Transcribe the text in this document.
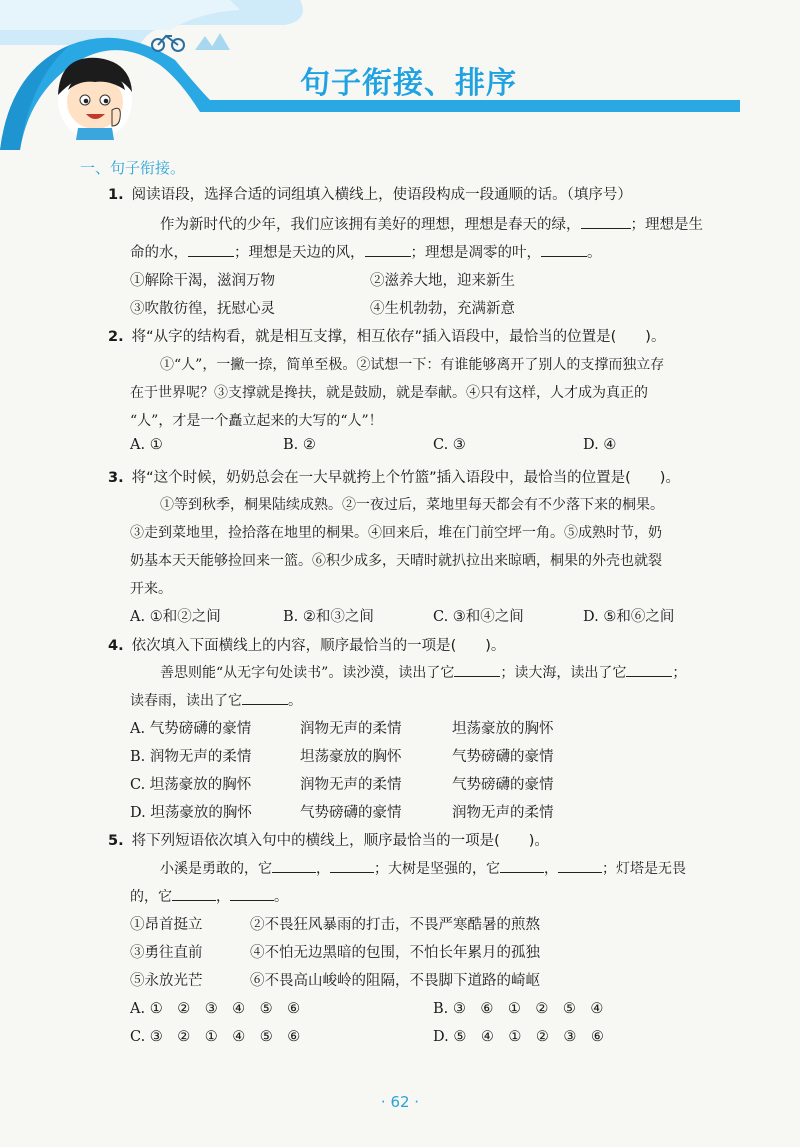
句子衔接、排序
一、句子衔接。
1. 阅读语段，选择合适的词组填入横线上，使语段构成一段通顺的话。（填序号）
作为新时代的少年，我们应该拥有美好的理想，理想是春天的绿，	；理想是生
命的水，	；理想是天边的风，	；理想是凋零的叶，	。
①解除干渴，滋润万物	②滋养大地，迎来新生
③吹散彷徨，抚慰心灵	④生机勃勃，充满新意
2. 将“从字的结构看，就是相互支撑，相互依存”插入语段中，最恰当的位置是(　　)。
①“人”，一撇一捺，简单至极。②试想一下：有谁能够离开了别人的支撑而独立存
在于世界呢？③支撑就是搀扶，就是鼓励，就是奉献。④只有这样，人才成为真正的
“人”，才是一个矗立起来的大写的“人”！
A. ①	B. ②	C. ③	D. ④
3. 将“这个时候，奶奶总会在一大早就挎上个竹篮”插入语段中，最恰当的位置是(　　)。
①等到秋季，桐果陆续成熟。②一夜过后，菜地里每天都会有不少落下来的桐果。
③走到菜地里，捡拾落在地里的桐果。④回来后，堆在门前空坪一角。⑤成熟时节，奶
奶基本天天能够捡回来一篮。⑥积少成多，天晴时就扒拉出来晾晒，桐果的外壳也就裂
开来。
A. ①和②之间	B. ②和③之间	C. ③和④之间	D. ⑤和⑥之间
4. 依次填入下面横线上的内容，顺序最恰当的一项是(　　)。
善思则能“从无字句处读书”。读沙漠，读出了它	；读大海，读出了它	；
读春雨，读出了它	。
A. 气势磅礴的豪情	润物无声的柔情	坦荡豪放的胸怀
B. 润物无声的柔情	坦荡豪放的胸怀	气势磅礴的豪情
C. 坦荡豪放的胸怀	润物无声的柔情	气势磅礴的豪情
D. 坦荡豪放的胸怀	气势磅礴的豪情	润物无声的柔情
5. 将下列短语依次填入句中的横线上，顺序最恰当的一项是(　　)。
小溪是勇敢的，它	，	；大树是坚强的，它	，	；灯塔是无畏
的，它	，	。
①昂首挺立	②不畏狂风暴雨的打击，不畏严寒酷暑的煎熬
③勇往直前	④不怕无边黑暗的包围，不怕长年累月的孤独
⑤永放光芒	⑥不畏高山峻岭的阻隔，不畏脚下道路的崎岖
A. ①　②　③　④　⑤　⑥	B. ③　⑥　①　②　⑤　④
C. ③　②　①　④　⑤　⑥	D. ⑤　④　①　②　③　⑥
· 62 ·
